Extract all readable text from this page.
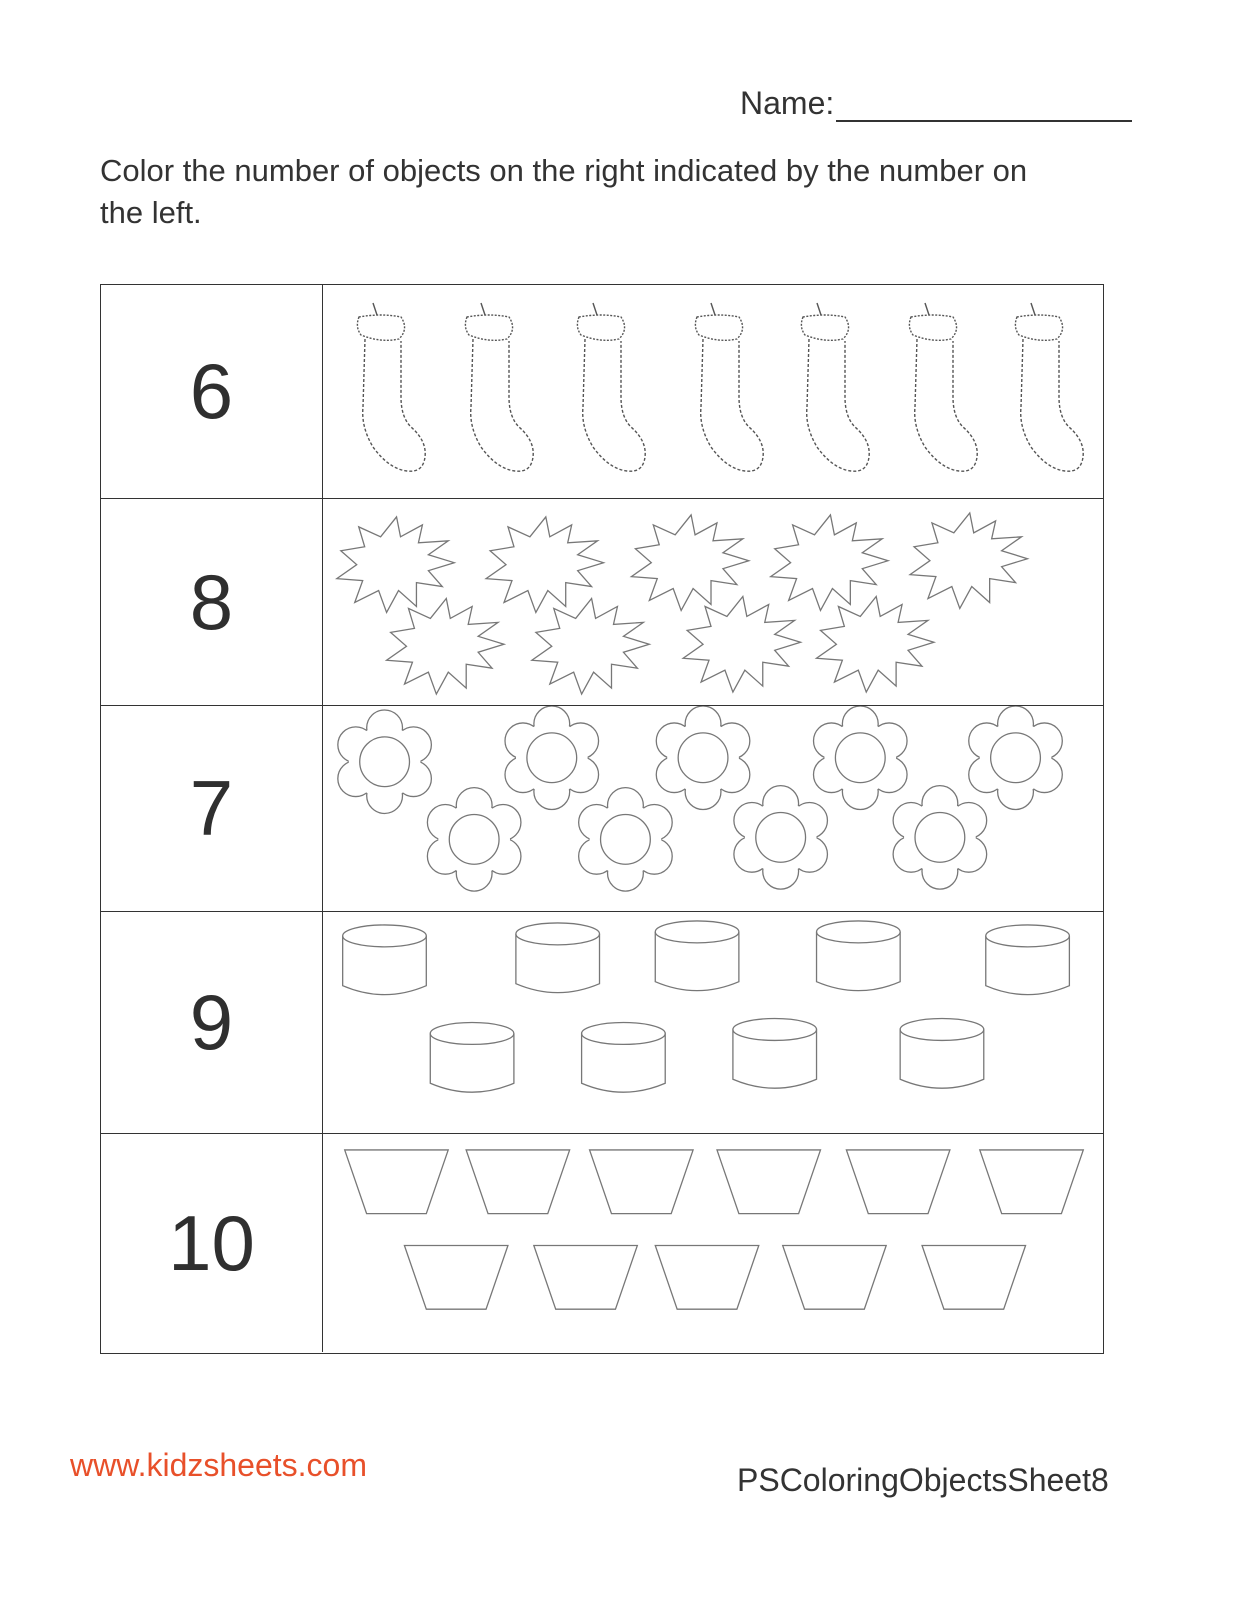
Name:
Color the number of objects on the right indicated by the number on the left.
6
8
7
9
10
www.kidzsheets.com	PSColoringObjectsSheet8
